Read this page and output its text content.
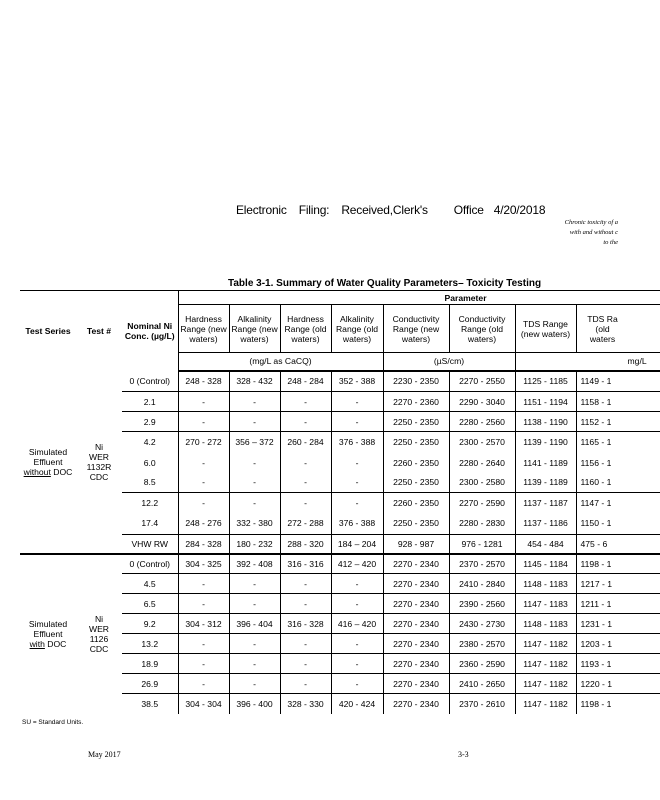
Electronic Filing: Received,Clerk's Office 4/20/2018
Chronic toxicity of a
with and without c
to the
Table 3-1. Summary of Water Quality Parameters– Toxicity Testing
Test Series	Test #	Nominal Ni Conc. (µg/L)	Parameter							

			Hardness Range (new waters)	Alkalinity Range (new waters)	Hardness Range (old waters)	Alkalinity Range (old waters)	Conductivity Range (new waters)	Conductivity Range (old waters)	TDS Range (new waters)	TDS Ra (old waters

			(mg/L as CaCQ)				(µS/cm)		mg/L	

Simulated Effluent
without DOC	Ni WER 1132R CDC	0 (Control)	248 - 328	328 - 432	248 - 284	352 - 388	2230 - 2350	2270 - 2550	1125 - 1185	1149 - 1
		2.1	-	-	-	-	2270 - 2360	2290 - 3040	1151 - 1194	1158 - 1
		2.9	-	-	-	-	2250 - 2350	2280 - 2560	1138 - 1190	1152 - 1
		4.2	270 - 272	356 – 372	260 - 284	376 - 388	2250 - 2350	2300 - 2570	1139 - 1190	1165 - 1
		6.0	-	-	-	-	2260 - 2350	2280 - 2640	1141 - 1189	1156 - 1
		8.5	-	-	-	-	2250 - 2350	2300 - 2580	1139 - 1189	1160 - 1
		12.2	-	-	-	-	2260 - 2350	2270 - 2590	1137 - 1187	1147 - 1
		17.4	248 - 276	332 - 380	272 - 288	376 - 388	2250 - 2350	2280 - 2830	1137 - 1186	1150 - 1
		VHW RW	284 - 328	180 - 232	288 - 320	184 – 204	928 - 987	976 - 1281	454 - 484	475 - 6

Simulated Effluent
with DOC	Ni WER 1126 CDC	0 (Control)	304 - 325	392 - 408	316 - 316	412 – 420	2270 - 2340	2370 - 2570	1145 - 1184	1198 - 1
		4.5	-	-	-	-	2270 - 2340	2410 - 2840	1148 - 1183	1217 - 1
		6.5	-	-	-	-	2270 - 2340	2390 - 2560	1147 - 1183	1211 - 1
		9.2	304 - 312	396 - 404	316 - 328	416 – 420	2270 - 2340	2430 - 2730	1148 - 1183	1231 - 1
		13.2	-	-	-	-	2270 - 2340	2380 - 2570	1147 - 1182	1203 - 1
		18.9	-	-	-	-	2270 - 2340	2360 - 2590	1147 - 1182	1193 - 1
		26.9	-	-	-	-	2270 - 2340	2410 - 2650	1147 - 1182	1220 - 1
		38.5	304 - 304	396 - 400	328 - 330	420 - 424	2270 - 2340	2370 - 2610	1147 - 1182	1198 - 1
SU = Standard Units.
May 2017	3-3
